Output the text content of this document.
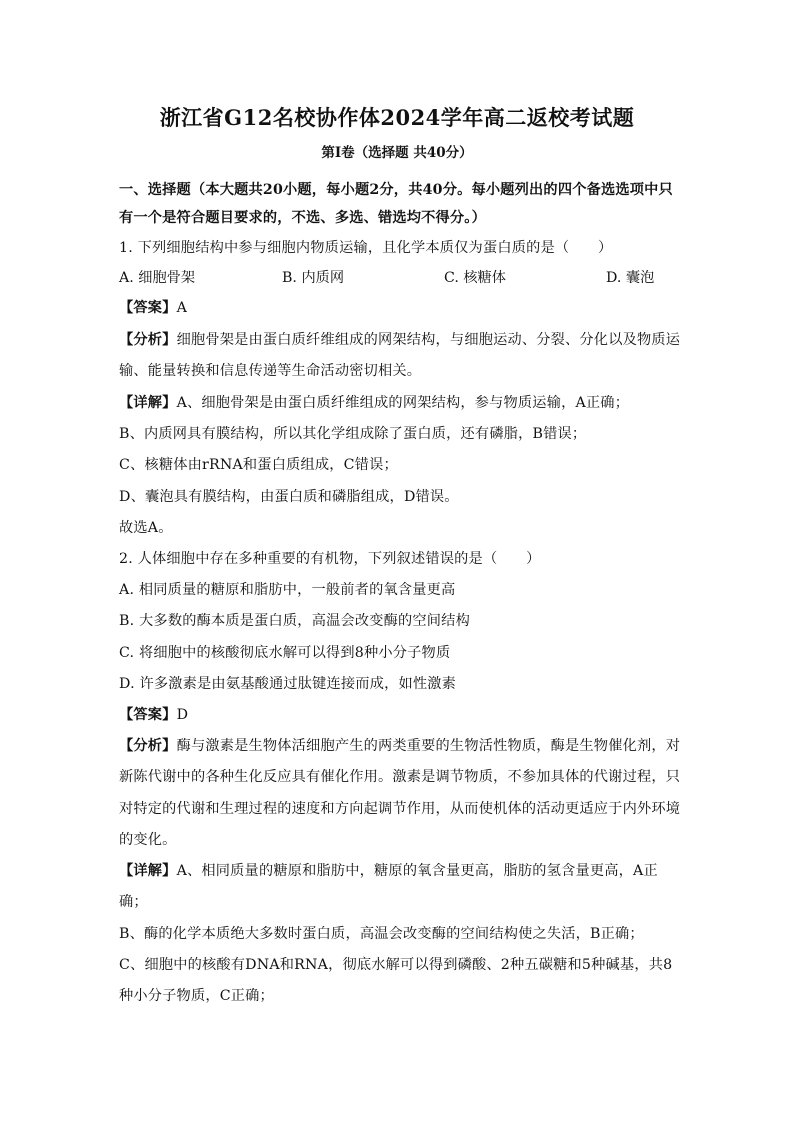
浙江省G12名校协作体2024学年高二返校考试题
第Ⅰ卷（选择题 共40分）
一、选择题（本大题共20小题，每小题2分，共40分。每小题列出的四个备选选项中只
有一个是符合题目要求的，不选、多选、错选均不得分。）
1. 下列细胞结构中参与细胞内物质运输，且化学本质仅为蛋白质的是（　　）
A. 细胞骨架	B. 内质网	C. 核糖体	D. 囊泡
【答案】A
【分析】细胞骨架是由蛋白质纤维组成的网架结构，与细胞运动、分裂、分化以及物质运
输、能量转换和信息传递等生命活动密切相关。
【详解】A、细胞骨架是由蛋白质纤维组成的网架结构，参与物质运输，A正确；
B、内质网具有膜结构，所以其化学组成除了蛋白质，还有磷脂，B错误；
C、核糖体由rRNA和蛋白质组成，C错误；
D、囊泡具有膜结构，由蛋白质和磷脂组成，D错误。
故选A。
2. 人体细胞中存在多种重要的有机物，下列叙述错误的是（　　）
A. 相同质量的糖原和脂肪中，一般前者的氧含量更高
B. 大多数的酶本质是蛋白质，高温会改变酶的空间结构
C. 将细胞中的核酸彻底水解可以得到8种小分子物质
D. 许多激素是由氨基酸通过肽键连接而成，如性激素
【答案】D
【分析】酶与激素是生物体活细胞产生的两类重要的生物活性物质，酶是生物催化剂，对
新陈代谢中的各种生化反应具有催化作用。激素是调节物质，不参加具体的代谢过程，只
对特定的代谢和生理过程的速度和方向起调节作用，从而使机体的活动更适应于内外环境
的变化。
【详解】A、相同质量的糖原和脂肪中，糖原的氧含量更高，脂肪的氢含量更高，A正
确；
B、酶的化学本质绝大多数时蛋白质，高温会改变酶的空间结构使之失活，B正确；
C、细胞中的核酸有DNA和RNA，彻底水解可以得到磷酸、2种五碳糖和5种碱基，共8
种小分子物质，C正确；
